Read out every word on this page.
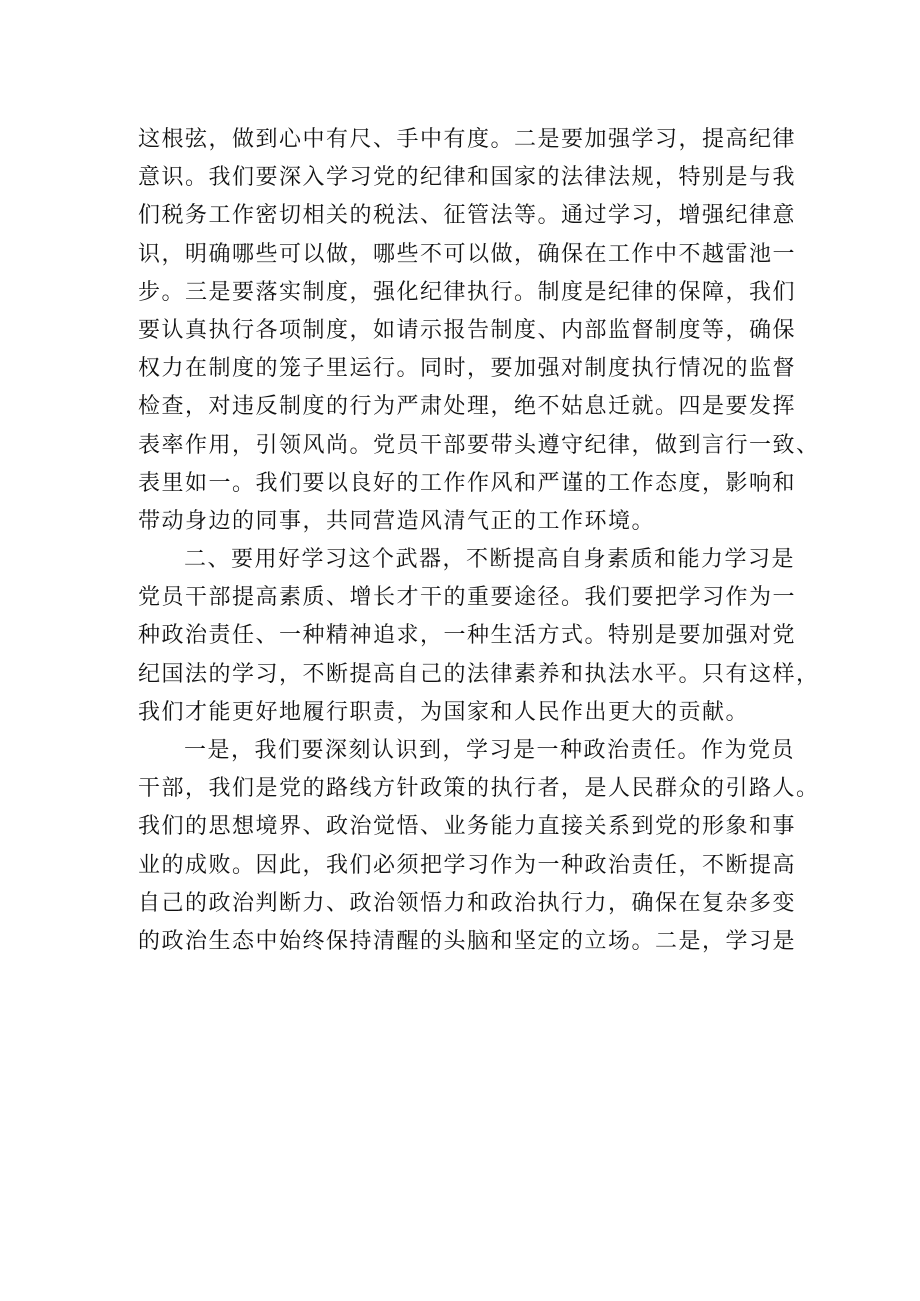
这根弦，做到心中有尺、手中有度。二是要加强学习，提高纪律
意识。我们要深入学习党的纪律和国家的法律法规，特别是与我
们税务工作密切相关的税法、征管法等。通过学习，增强纪律意
识，明确哪些可以做，哪些不可以做，确保在工作中不越雷池一
步。三是要落实制度，强化纪律执行。制度是纪律的保障，我们
要认真执行各项制度，如请示报告制度、内部监督制度等，确保
权力在制度的笼子里运行。同时，要加强对制度执行情况的监督
检查，对违反制度的行为严肃处理，绝不姑息迁就。四是要发挥
表率作用，引领风尚。党员干部要带头遵守纪律，做到言行一致、
表里如一。我们要以良好的工作作风和严谨的工作态度，影响和
带动身边的同事，共同营造风清气正的工作环境。
二、要用好学习这个武器，不断提高自身素质和能力学习是
党员干部提高素质、增长才干的重要途径。我们要把学习作为一
种政治责任、一种精神追求，一种生活方式。特别是要加强对党
纪国法的学习，不断提高自己的法律素养和执法水平。只有这样，
我们才能更好地履行职责，为国家和人民作出更大的贡献。
一是，我们要深刻认识到，学习是一种政治责任。作为党员
干部，我们是党的路线方针政策的执行者，是人民群众的引路人。
我们的思想境界、政治觉悟、业务能力直接关系到党的形象和事
业的成败。因此，我们必须把学习作为一种政治责任，不断提高
自己的政治判断力、政治领悟力和政治执行力，确保在复杂多变
的政治生态中始终保持清醒的头脑和坚定的立场。二是，学习是
